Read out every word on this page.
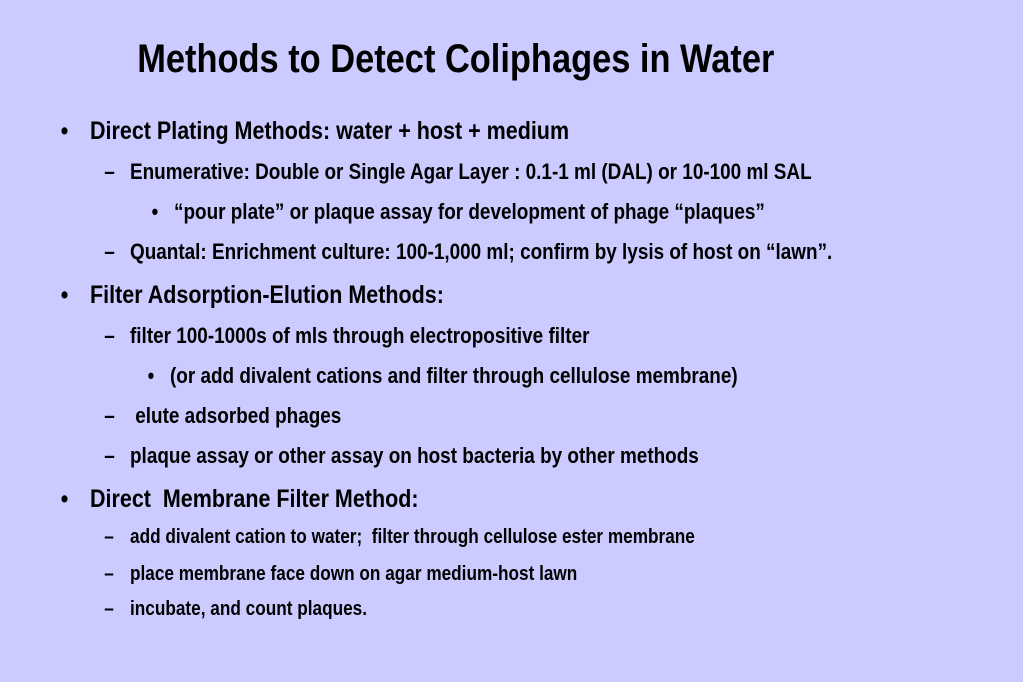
Methods to Detect Coliphages in Water
• Direct Plating Methods: water + host + medium
– Enumerative: Double or Single Agar Layer : 0.1-1 ml (DAL) or 10-100 ml SAL
• “pour plate” or plaque assay for development of phage “plaques”
– Quantal: Enrichment culture: 100-1,000 ml; confirm by lysis of host on “lawn”.
• Filter Adsorption-Elution Methods:
– filter 100-1000s of mls through electropositive filter
• (or add divalent cations and filter through cellulose membrane)
– elute adsorbed phages
– plaque assay or other assay on host bacteria by other methods
• Direct  Membrane Filter Method:
– add divalent cation to water;  filter through cellulose ester membrane
– place membrane face down on agar medium-host lawn
– incubate, and count plaques.
